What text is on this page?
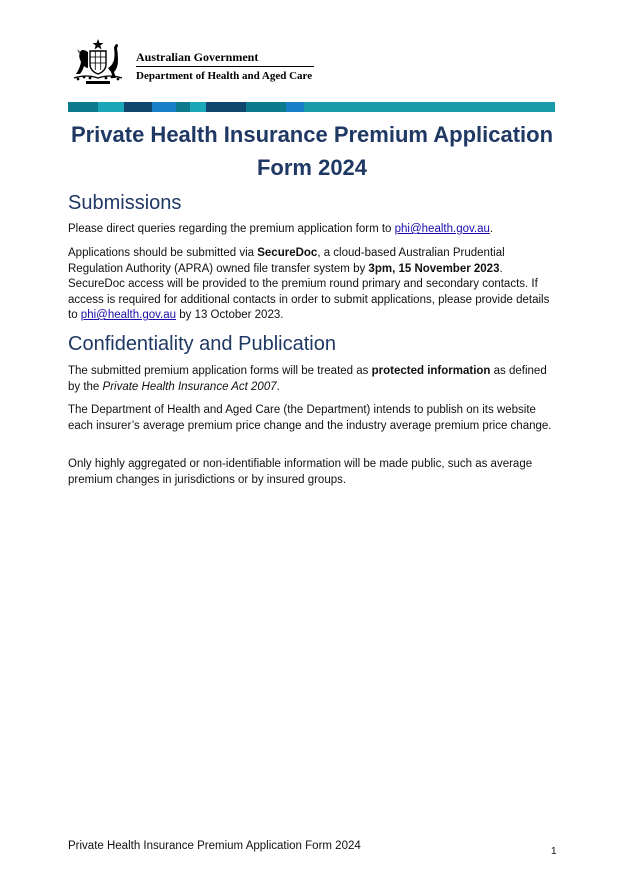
Australian Government
Department of Health and Aged Care
Private Health Insurance Premium Application Form 2024
Submissions
Please direct queries regarding the premium application form to phi@health.gov.au.
Applications should be submitted via SecureDoc, a cloud-based Australian Prudential Regulation Authority (APRA) owned file transfer system by 3pm, 15 November 2023. SecureDoc access will be provided to the premium round primary and secondary contacts. If access is required for additional contacts in order to submit applications, please provide details to phi@health.gov.au by 13 October 2023.
Confidentiality and Publication
The submitted premium application forms will be treated as protected information as defined by the Private Health Insurance Act 2007.
The Department of Health and Aged Care (the Department) intends to publish on its website each insurer’s average premium price change and the industry average premium price change.
Only highly aggregated or non-identifiable information will be made public, such as average premium changes in jurisdictions or by insured groups.
Private Health Insurance Premium Application Form 2024	1
